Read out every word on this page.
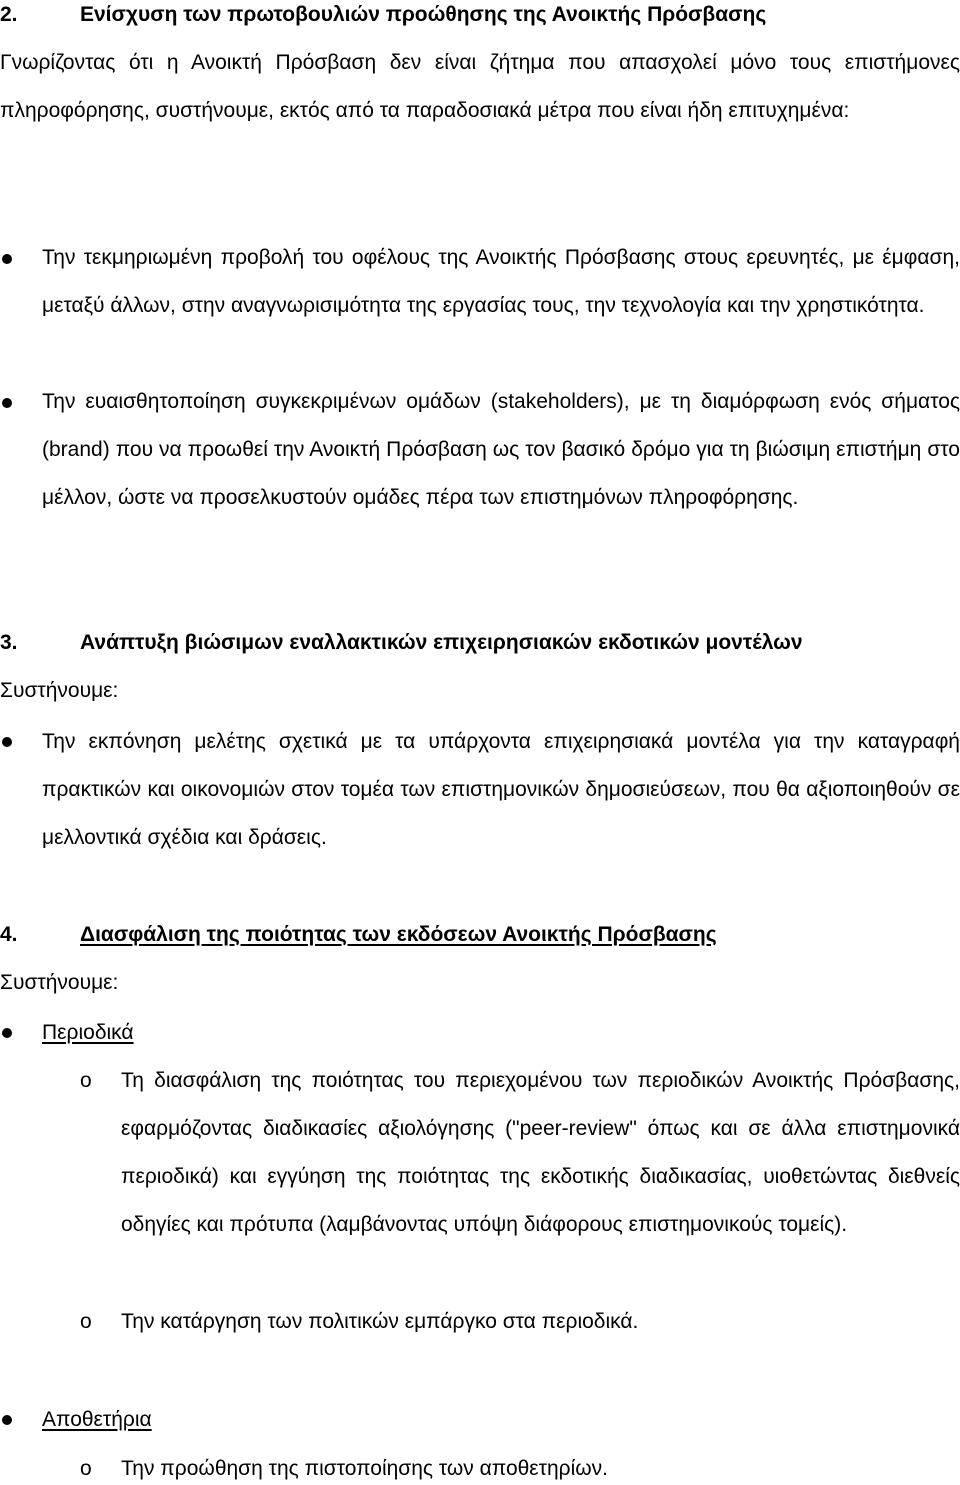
2.	Ενίσχυση των πρωτοβουλιών προώθησης της Ανοικτής Πρόσβασης

Γνωρίζοντας ότι η Ανοικτή Πρόσβαση δεν είναι ζήτημα που απασχολεί μόνο τους επιστήμονες πληροφόρησης, συστήνουμε, εκτός από τα παραδοσιακά μέτρα που είναι ήδη επιτυχημένα:

Την τεκμηριωμένη προβολή του οφέλους της Ανοικτής Πρόσβασης στους ερευνητές, με έμφαση, μεταξύ άλλων, στην αναγνωρισιμότητα της εργασίας τους, την τεχνολογία και την χρηστικότητα.

Την ευαισθητοποίηση συγκεκριμένων ομάδων (stakeholders), με τη διαμόρφωση ενός σήματος (brand) που να προωθεί την Ανοικτή Πρόσβαση ως τον βασικό δρόμο για τη βιώσιμη επιστήμη στο μέλλον, ώστε να προσελκυστούν ομάδες πέρα των επιστημόνων πληροφόρησης.

3.	Ανάπτυξη βιώσιμων εναλλακτικών επιχειρησιακών εκδοτικών μοντέλων
Συστήνουμε:

Την εκπόνηση μελέτης σχετικά με τα υπάρχοντα επιχειρησιακά μοντέλα για την καταγραφή πρακτικών και οικονομιών στον τομέα των επιστημονικών δημοσιεύσεων, που θα αξιοποιηθούν σε μελλοντικά σχέδια και δράσεις.

4.	Διασφάλιση της ποιότητας των εκδόσεων Ανοικτής Πρόσβασης
Συστήνουμε:
Περιοδικά
o Τη διασφάλιση της ποιότητας του περιεχομένου των περιοδικών Ανοικτής Πρόσβασης, εφαρμόζοντας διαδικασίες αξιολόγησης ("peer-review" όπως και σε άλλα επιστημονικά περιοδικά) και εγγύηση της ποιότητας της εκδοτικής διαδικασίας, υιοθετώντας διεθνείς οδηγίες και πρότυπα (λαμβάνοντας υπόψη διάφορους επιστημονικούς τομείς).

o Την κατάργηση των πολιτικών εμπάργκο στα περιοδικά.
Αποθετήρια
o Την προώθηση της πιστοποίησης των αποθετηρίων.
